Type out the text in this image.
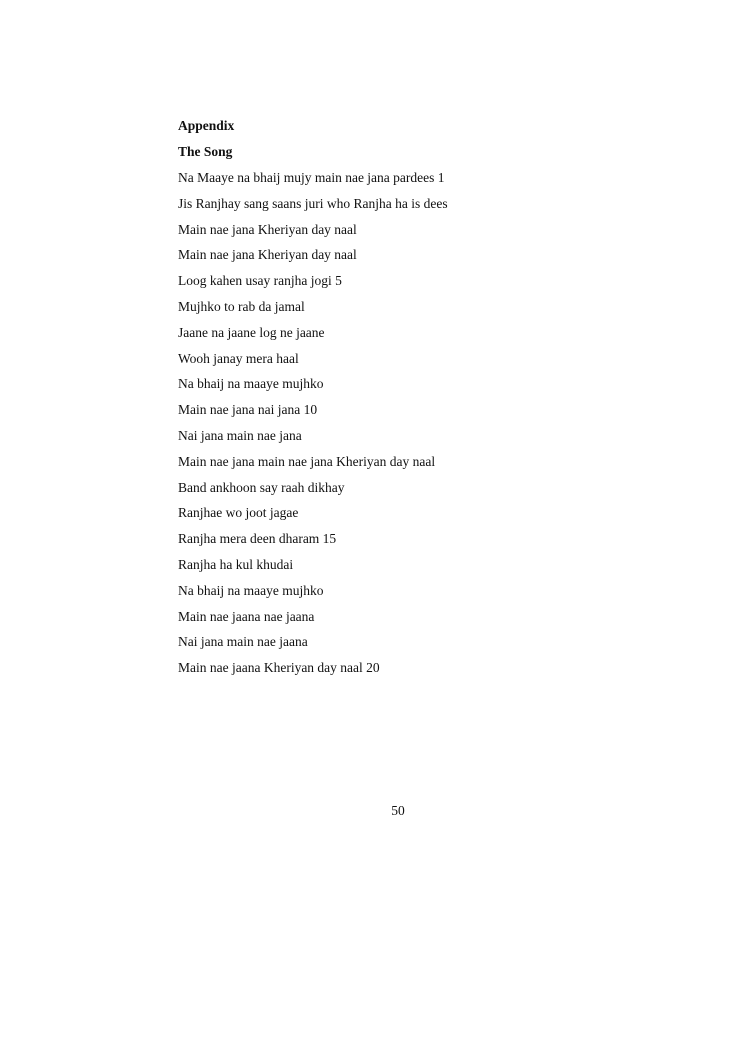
Appendix
The Song
Na Maaye na bhaij mujy main nae jana pardees 1
Jis Ranjhay sang saans juri who Ranjha ha is dees
Main nae jana Kheriyan day naal
Main nae jana Kheriyan day naal
Loog kahen usay ranjha jogi 5
Mujhko to rab da jamal
Jaane na jaane log ne jaane
Wooh janay mera haal
Na bhaij na maaye mujhko
Main nae jana nai jana 10
Nai jana main nae jana
Main nae jana main nae jana Kheriyan day naal
Band ankhoon say raah dikhay
Ranjhae wo joot jagae
Ranjha mera deen dharam 15
Ranjha ha kul khudai
Na bhaij na maaye mujhko
Main nae jaana nae jaana
Nai jana main nae jaana
Main nae jaana Kheriyan day naal 20
50
